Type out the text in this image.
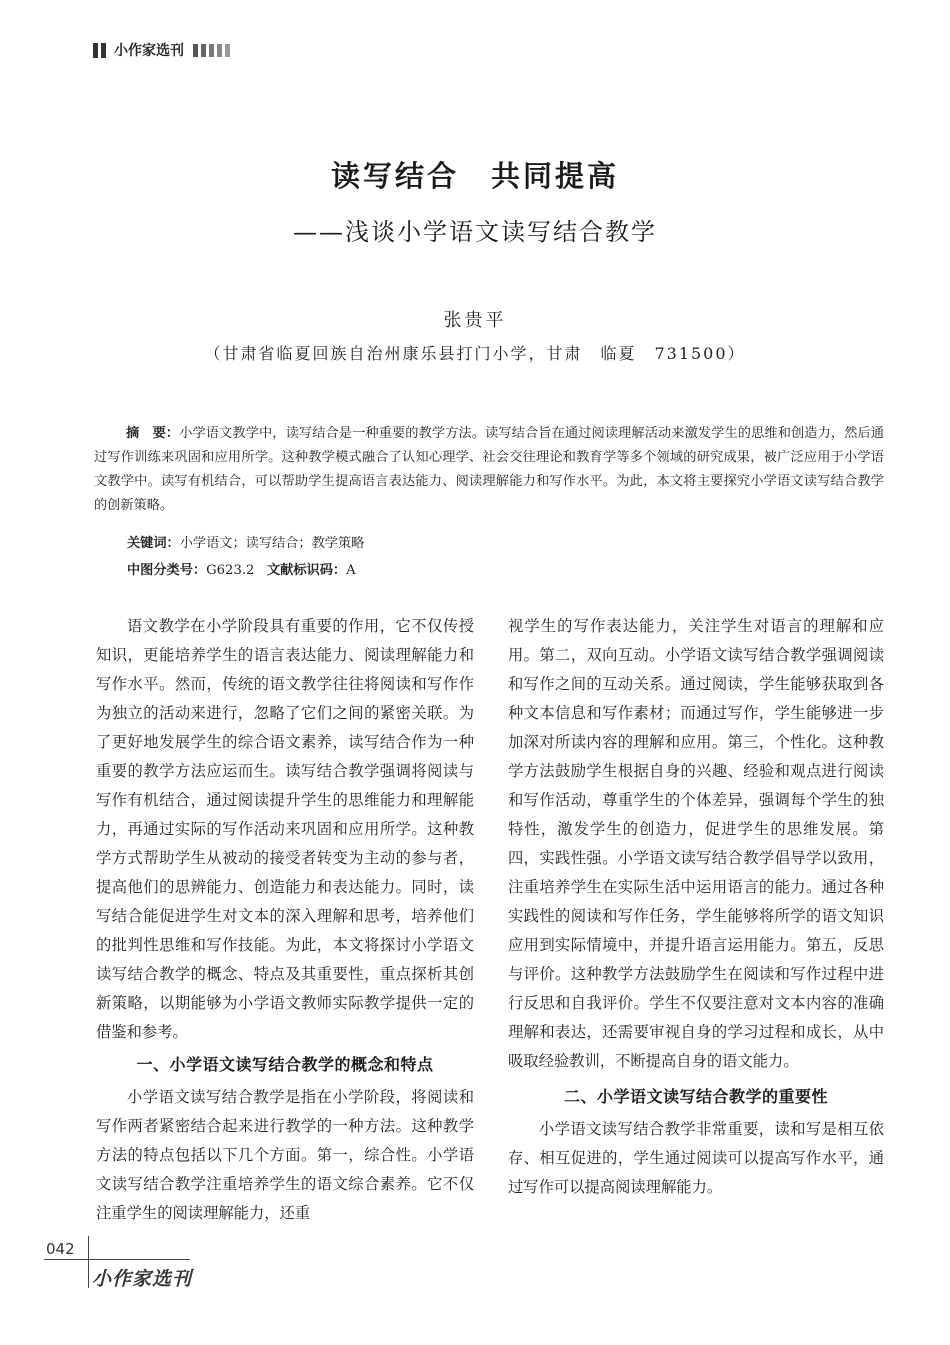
小作家选刊
读写结合　共同提高
——浅谈小学语文读写结合教学
张贵平
（甘肃省临夏回族自治州康乐县打门小学，甘肃　临夏　731500）

摘　要：小学语文教学中，读写结合是一种重要的教学方法。读写结合旨在通过阅读理解活动来激发学生的思维和创造力，然后通过写作训练来巩固和应用所学。这种教学模式融合了认知心理学、社会交往理论和教育学等多个领域的研究成果，被广泛应用于小学语文教学中。读写有机结合，可以帮助学生提高语言表达能力、阅读理解能力和写作水平。为此，本文将主要探究小学语文读写结合教学的创新策略。

关键词：小学语文；读写结合；教学策略
中图分类号：G623.2 文献标识码：A

语文教学在小学阶段具有重要的作用，它不仅传授知识，更能培养学生的语言表达能力、阅读理解能力和写作水平。然而，传统的语文教学往往将阅读和写作作为独立的活动来进行，忽略了它们之间的紧密关联。为了更好地发展学生的综合语文素养，读写结合作为一种重要的教学方法应运而生。读写结合教学强调将阅读与写作有机结合，通过阅读提升学生的思维能力和理解能力，再通过实际的写作活动来巩固和应用所学。这种教学方式帮助学生从被动的接受者转变为主动的参与者，提高他们的思辨能力、创造能力和表达能力。同时，读写结合能促进学生对文本的深入理解和思考，培养他们的批判性思维和写作技能。为此，本文将探讨小学语文读写结合教学的概念、特点及其重要性，重点探析其创新策略，以期能够为小学语文教师实际教学提供一定的借鉴和参考。

一、小学语文读写结合教学的概念和特点

小学语文读写结合教学是指在小学阶段，将阅读和写作两者紧密结合起来进行教学的一种方法。这种教学方法的特点包括以下几个方面。第一，综合性。小学语文读写结合教学注重培养学生的语文综合素养。它不仅注重学生的阅读理解能力，还重

视学生的写作表达能力，关注学生对语言的理解和应用。第二，双向互动。小学语文读写结合教学强调阅读和写作之间的互动关系。通过阅读，学生能够获取到各种文本信息和写作素材；而通过写作，学生能够进一步加深对所读内容的理解和应用。第三，个性化。这种教学方法鼓励学生根据自身的兴趣、经验和观点进行阅读和写作活动，尊重学生的个体差异，强调每个学生的独特性，激发学生的创造力，促进学生的思维发展。第四，实践性强。小学语文读写结合教学倡导学以致用，注重培养学生在实际生活中运用语言的能力。通过各种实践性的阅读和写作任务，学生能够将所学的语文知识应用到实际情境中，并提升语言运用能力。第五，反思与评价。这种教学方法鼓励学生在阅读和写作过程中进行反思和自我评价。学生不仅要注意对文本内容的准确理解和表达，还需要审视自身的学习过程和成长，从中吸取经验教训，不断提高自身的语文能力。

二、小学语文读写结合教学的重要性

小学语文读写结合教学非常重要，读和写是相互依存、相互促进的，学生通过阅读可以提高写作水平，通过写作可以提高阅读理解能力。

042
小作家选刊
